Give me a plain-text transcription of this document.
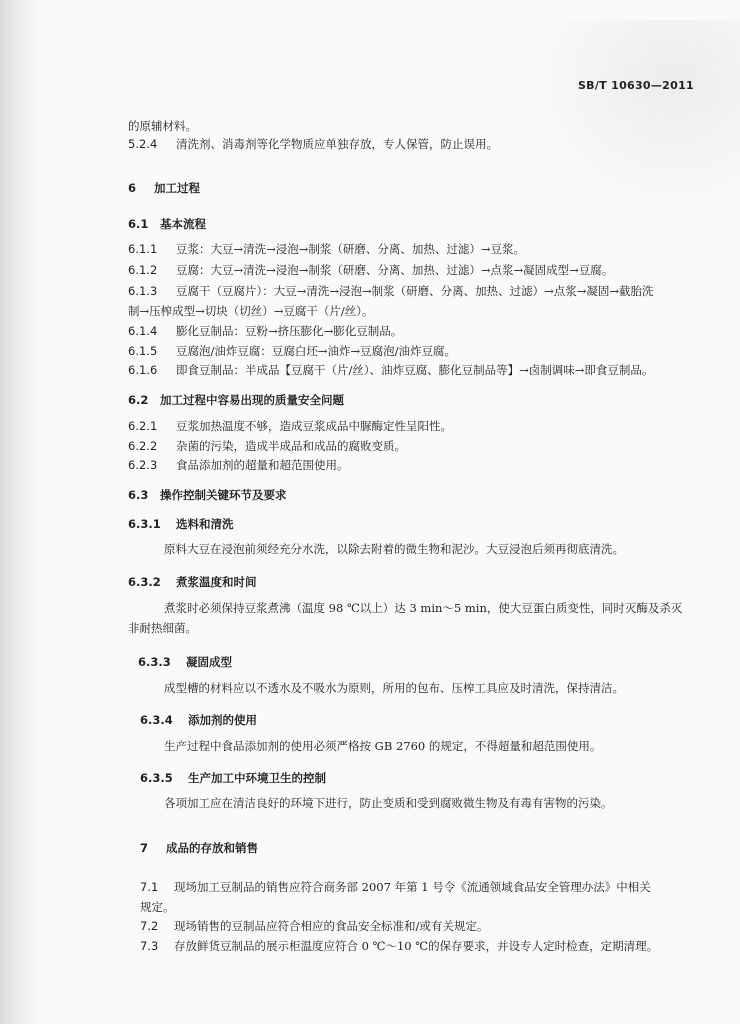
SB/T 10630—2011
的原辅材料。
5.2.4 清洗剂、消毒剂等化学物质应单独存放，专人保管，防止误用。
6 加工过程
6.1 基本流程
6.1.1 豆浆：大豆→清洗→浸泡→制浆（研磨、分离、加热、过滤）→豆浆。
6.1.2 豆腐：大豆→清洗→浸泡→制浆（研磨、分离、加热、过滤）→点浆→凝固成型→豆腐。
6.1.3 豆腐干（豆腐片）：大豆→清洗→浸泡→制浆（研磨、分离、加热、过滤）→点浆→凝固→截胎洗
制→压榨成型→切块（切丝）→豆腐干（片/丝）。
6.1.4 膨化豆制品：豆粉→挤压膨化→膨化豆制品。
6.1.5 豆腐泡/油炸豆腐：豆腐白坯→油炸→豆腐泡/油炸豆腐。
6.1.6 即食豆制品：半成品【豆腐干（片/丝）、油炸豆腐、膨化豆制品等】→卤制调味→即食豆制品。
6.2 加工过程中容易出现的质量安全问题
6.2.1 豆浆加热温度不够，造成豆浆成品中脲酶定性呈阳性。
6.2.2 杂菌的污染，造成半成品和成品的腐败变质。
6.2.3 食品添加剂的超量和超范围使用。
6.3 操作控制关键环节及要求
6.3.1 选料和清洗
原料大豆在浸泡前须经充分水洗，以除去附着的微生物和泥沙。大豆浸泡后须再彻底清洗。
6.3.2 煮浆温度和时间
煮浆时必须保持豆浆煮沸（温度 98 ℃以上）达 3 min～5 min，使大豆蛋白质变性，同时灭酶及杀灭
非耐热细菌。
6.3.3 凝固成型
成型槽的材料应以不透水及不吸水为原则，所用的包布、压榨工具应及时清洗，保持清洁。
6.3.4 添加剂的使用
生产过程中食品添加剂的使用必须严格按 GB 2760 的规定，不得超量和超范围使用。
6.3.5 生产加工中环境卫生的控制
各项加工应在清洁良好的环境下进行，防止变质和受到腐败微生物及有毒有害物的污染。
7 成品的存放和销售
7.1 现场加工豆制品的销售应符合商务部 2007 年第 1 号令《流通领域食品安全管理办法》中相关
规定。
7.2 现场销售的豆制品应符合相应的食品安全标准和/或有关规定。
7.3 存放鲜货豆制品的展示柜温度应符合 0 ℃～10 ℃的保存要求，并设专人定时检查，定期清理。
